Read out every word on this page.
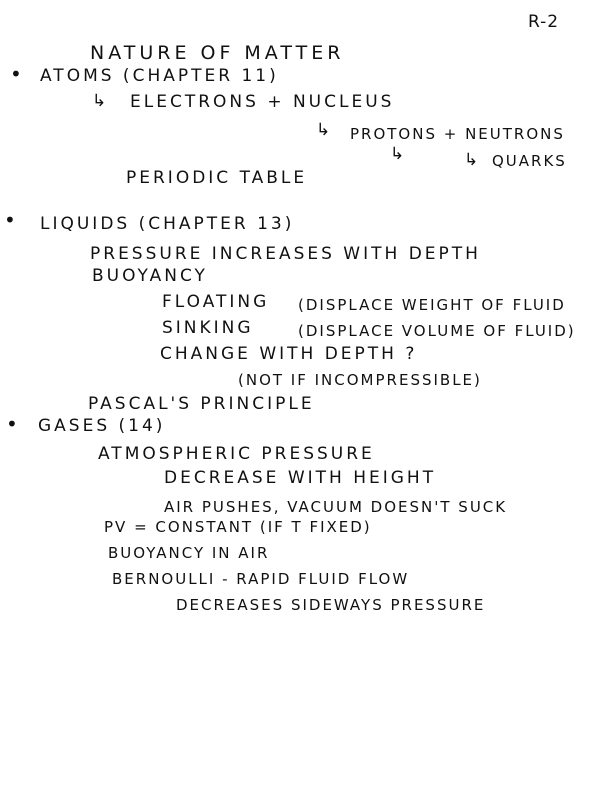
R-2
NATURE OF MATTER
• ATOMS (CHAPTER 11)
↳ ELECTRONS + NUCLEUS
↳ PROTONS + NEUTRONS
↳	↳ QUARKS
PERIODIC TABLE
• LIQUIDS (CHAPTER 13)
PRESSURE INCREASES WITH DEPTH
BUOYANCY
FLOATING (DISPLACE WEIGHT OF FLUID
SINKING	(DISPLACE VOLUME OF FLUID)
CHANGE WITH DEPTH ?
(NOT IF INCOMPRESSIBLE)
PASCAL'S PRINCIPLE
• GASES (14)
ATMOSPHERIC PRESSURE
DECREASE WITH HEIGHT
AIR PUSHES, VACUUM DOESN'T SUCK
PV = CONSTANT (IF T FIXED)
BUOYANCY IN AIR
BERNOULLI - RAPID FLUID FLOW
DECREASES SIDEWAYS PRESSURE
